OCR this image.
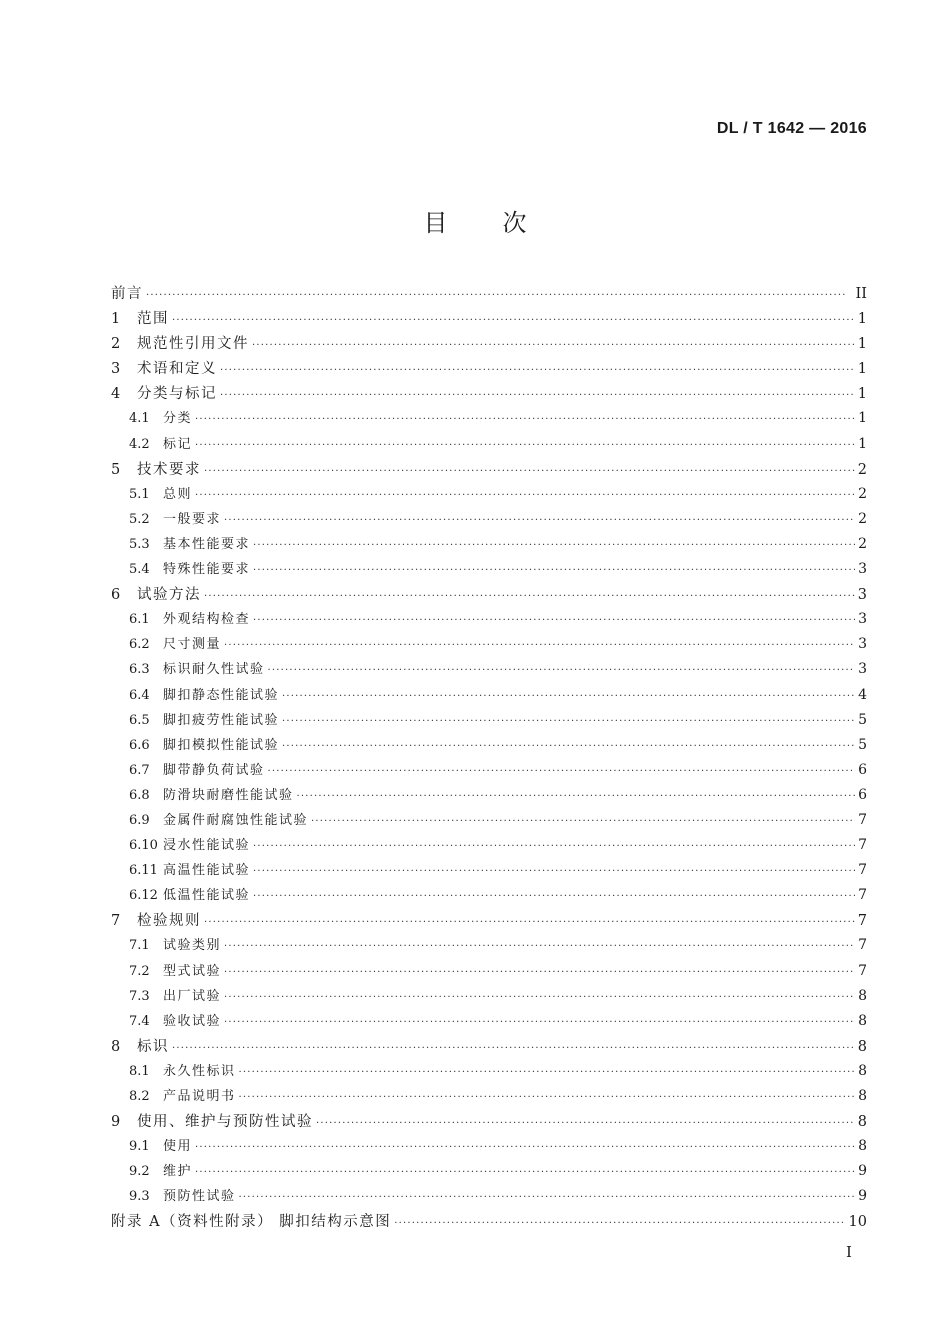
DL / T 1642 — 2016
目 次
前言 ·····	II
1	范围 ·····	1
2	规范性引用文件 ·····	1
3	术语和定义 ·····	1
4	分类与标记 ·····	1
4.1	分类 ·····	1
4.2	标记 ·····	1
5	技术要求 ·····	2
5.1	总则 ·····	2
5.2	一般要求 ·····	2
5.3	基本性能要求 ·····	2
5.4	特殊性能要求 ·····	3
6	试验方法 ·····	3
6.1	外观结构检查 ·····	3
6.2	尺寸测量 ·····	3
6.3	标识耐久性试验 ·····	3
6.4	脚扣静态性能试验 ·····	4
6.5	脚扣疲劳性能试验 ·····	5
6.6	脚扣模拟性能试验 ·····	5
6.7	脚带静负荷试验 ·····	6
6.8	防滑块耐磨性能试验 ·····	6
6.9	金属件耐腐蚀性能试验 ·····	7
6.10 浸水性能试验 ·····	7
6.11 高温性能试验 ·····	7
6.12 低温性能试验 ·····	7
7	检验规则 ·····	7
7.1	试验类别 ·····	7
7.2	型式试验 ·····	7
7.3	出厂试验 ·····	8
7.4	验收试验 ·····	8
8	标识 ·····	8
8.1	永久性标识 ·····	8
8.2	产品说明书 ·····	8
9	使用、维护与预防性试验 ·····	8
9.1	使用 ·····	8
9.2	维护 ·····	9
9.3	预防性试验 ·····	9
附录 A（资料性附录） 脚扣结构示意图 ·····	10
I
